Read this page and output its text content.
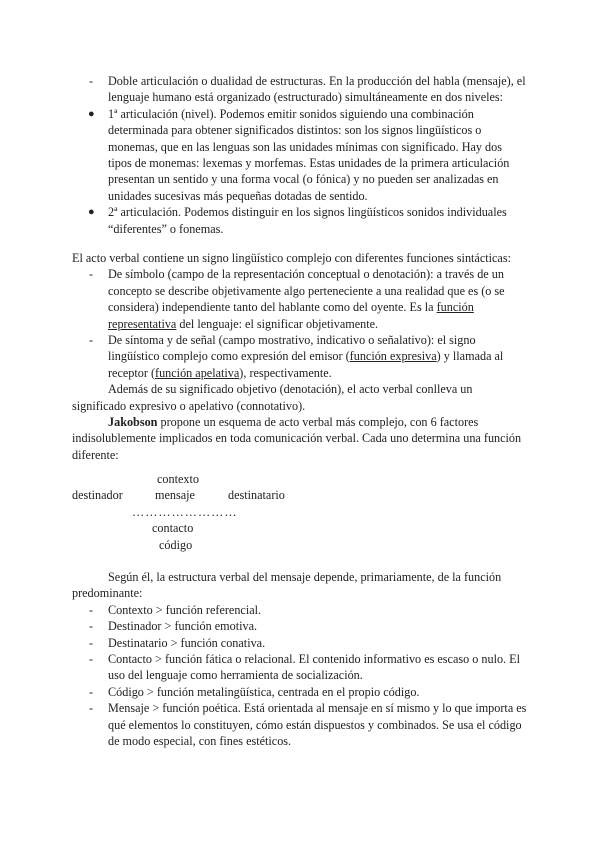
- Doble articulación o dualidad de estructuras. En la producción del habla (mensaje), el lenguaje humano está organizado (estructurado) simultáneamente en dos niveles:
● 1ª articulación (nivel). Podemos emitir sonidos siguiendo una combinación determinada para obtener significados distintos: son los signos lingüísticos o monemas, que en las lenguas son las unidades mínimas con significado. Hay dos tipos de monemas: lexemas y morfemas. Estas unidades de la primera articulación presentan un sentido y una forma vocal (o fónica) y no pueden ser analizadas en unidades sucesivas más pequeñas dotadas de sentido.
● 2ª articulación. Podemos distinguir en los signos lingüísticos sonidos individuales “diferentes” o fonemas.
El acto verbal contiene un signo lingüístico complejo con diferentes funciones sintácticas:
- De símbolo (campo de la representación conceptual o denotación): a través de un concepto se describe objetivamente algo perteneciente a una realidad que es (o se considera) independiente tanto del hablante como del oyente. Es la función representativa del lenguaje: el significar objetivamente.
- De síntoma y de señal (campo mostrativo, indicativo o señalativo): el signo lingüístico complejo como expresión del emisor (función expresiva) y llamada al receptor (función apelativa), respectivamente.
Además de su significado objetivo (denotación), el acto verbal conlleva un significado expresivo o apelativo (connotativo).
Jakobson propone un esquema de acto verbal más complejo, con 6 factores indisolublemente implicados en toda comunicación verbal. Cada uno determina una función diferente:
contexto
destinador	mensaje	destinatario
……………………
contacto
código
Según él, la estructura verbal del mensaje depende, primariamente, de la función predominante:
- Contexto > función referencial.
- Destinador > función emotiva.
- Destinatario > función conativa.
- Contacto > función fática o relacional. El contenido informativo es escaso o nulo. El uso del lenguaje como herramienta de socialización.
- Código > función metalingüística, centrada en el propio código.
- Mensaje > función poética. Está orientada al mensaje en sí mismo y lo que importa es qué elementos lo constituyen, cómo están dispuestos y combinados. Se usa el código de modo especial, con fines estéticos.
